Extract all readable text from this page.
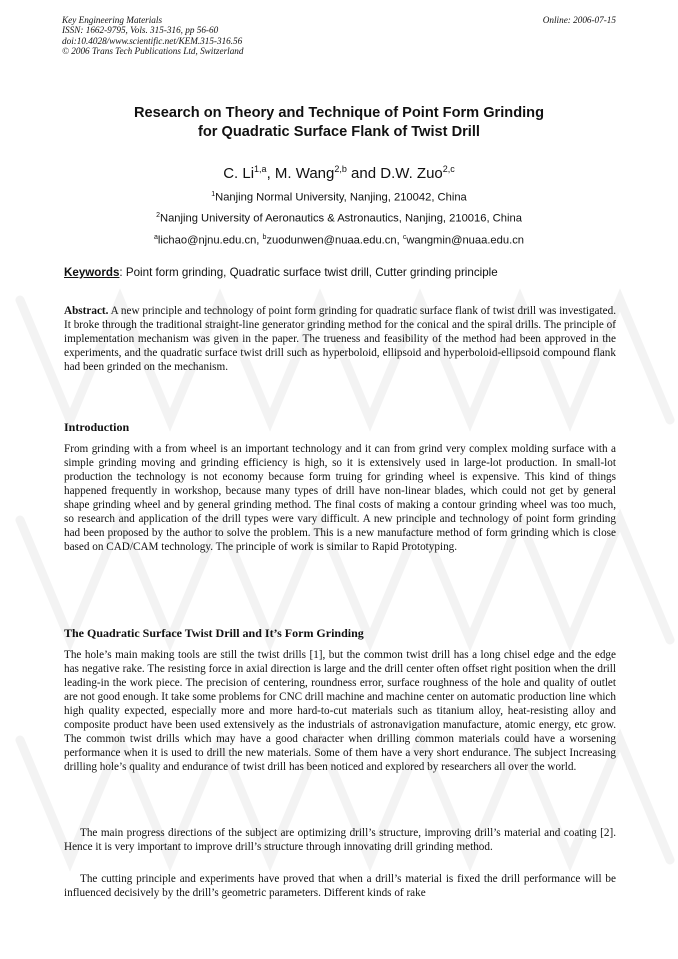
Key Engineering Materials
ISSN: 1662-9795, Vols. 315-316, pp 56-60
doi:10.4028/www.scientific.net/KEM.315-316.56
© 2006 Trans Tech Publications Ltd, Switzerland
Online: 2006-07-15
Research on Theory and Technique of Point Form Grinding
for Quadratic Surface Flank of Twist Drill
C. Li$^{1,a}$, M. Wang$^{2,b}$ and D.W. Zuo$^{2,c}$
$^1$Nanjing Normal University, Nanjing, 210042, China
$^2$Nanjing University of Aeronautics & Astronautics, Nanjing, 210016, China
$^a$lichao@njnu.edu.cn, $^b$zuodunwen@nuaa.edu.cn, $^c$wangmin@nuaa.edu.cn
Keywords: Point form grinding, Quadratic surface twist drill, Cutter grinding principle
Abstract. A new principle and technology of point form grinding for quadratic surface flank of twist drill was investigated. It broke through the traditional straight-line generator grinding method for the conical and the spiral drills. The principle of implementation mechanism was given in the paper. The trueness and feasibility of the method had been approved in the experiments, and the quadratic surface twist drill such as hyperboloid, ellipsoid and hyperboloid-ellipsoid compound flank had been grinded on the mechanism.
Introduction
From grinding with a from wheel is an important technology and it can from grind very complex molding surface with a simple grinding moving and grinding efficiency is high, so it is extensively used in large-lot production. In small-lot production the technology is not economy because form truing for grinding wheel is expensive. This kind of things happened frequently in workshop, because many types of drill have non-linear blades, which could not get by general shape grinding wheel and by general grinding method. The final costs of making a contour grinding wheel was too much, so research and application of the drill types were vary difficult. A new principle and technology of point form grinding had been proposed by the author to solve the problem. This is a new manufacture method of form grinding which is close based on CAD/CAM technology. The principle of work is similar to Rapid Prototyping.
The Quadratic Surface Twist Drill and It’s Form Grinding
The hole’s main making tools are still the twist drills [1], but the common twist drill has a long chisel edge and the edge has negative rake. The resisting force in axial direction is large and the drill center often offset right position when the drill leading-in the work piece. The precision of centering, roundness error, surface roughness of the hole and quality of outlet are not good enough. It take some problems for CNC drill machine and machine center on automatic production line which high quality expected, especially more and more hard-to-cut materials such as titanium alloy, heat-resisting alloy and composite product have been used extensively as the industrials of astronavigation manufacture, atomic energy, etc grow. The common twist drills which may have a good character when drilling common materials could have a worsening performance when it is used to drill the new materials. Some of them have a very short endurance. The subject Increasing drilling hole’s quality and endurance of twist drill has been noticed and explored by researchers all over the world.
The main progress directions of the subject are optimizing drill’s structure, improving drill’s material and coating [2]. Hence it is very important to improve drill’s structure through innovating drill grinding method.
The cutting principle and experiments have proved that when a drill’s material is fixed the drill performance will be influenced decisively by the drill’s geometric parameters. Different kinds of rake
